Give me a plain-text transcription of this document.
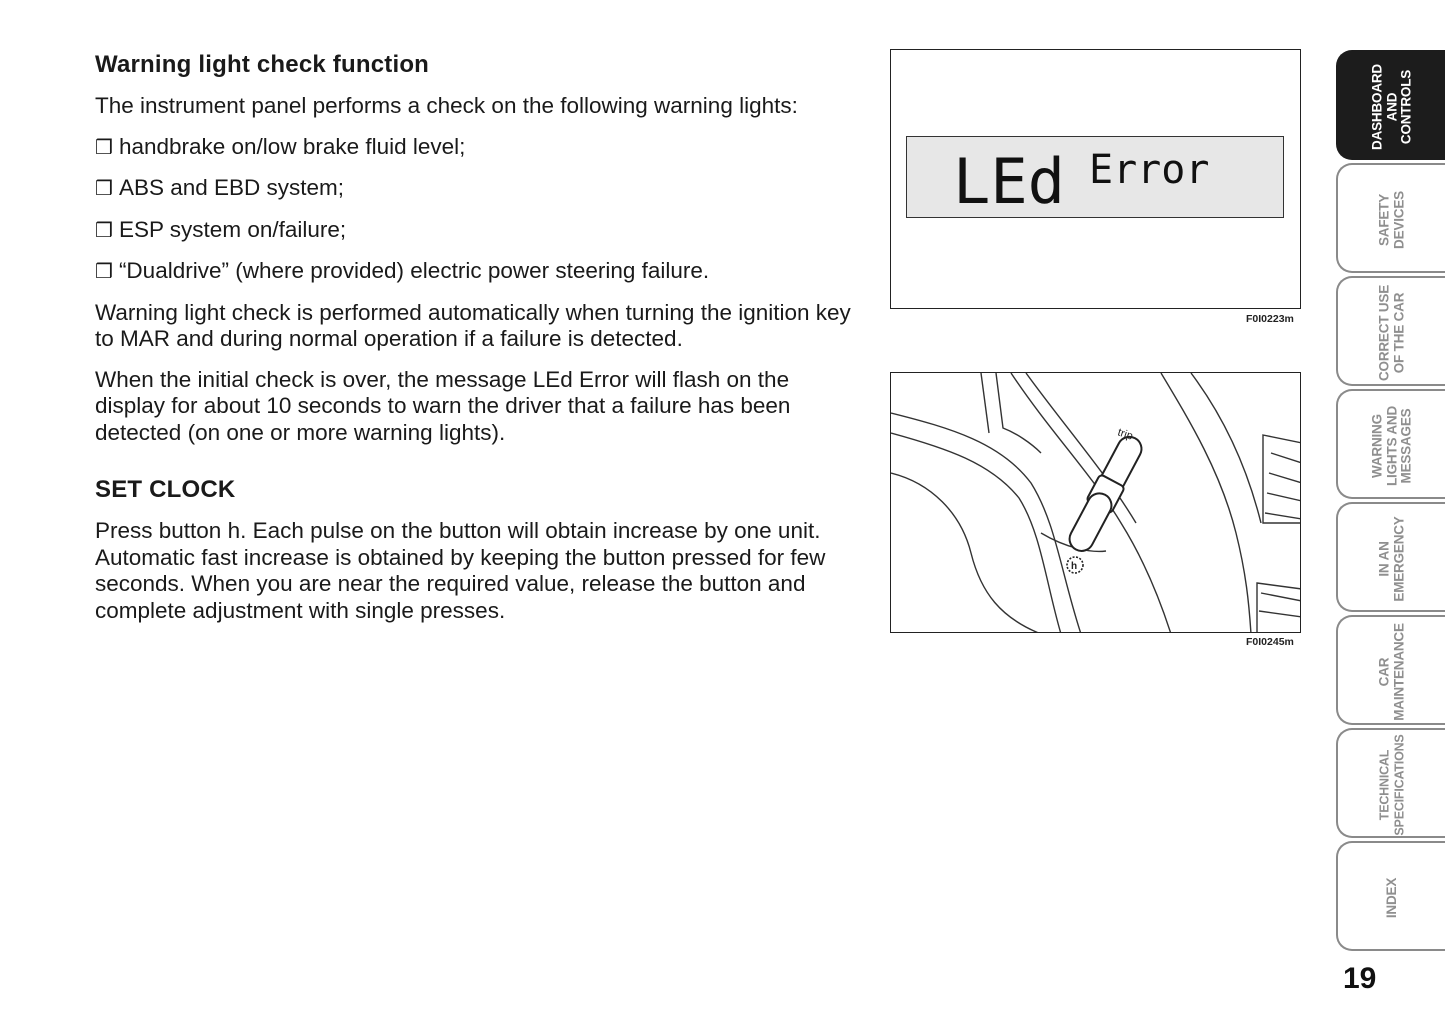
Warning light check function

The instrument panel performs a check on the following warning lights:

❒ handbrake on/low brake fluid level;

❒ ABS and EBD system;

❒ ESP system on/failure;

❒ “Dualdrive” (where provided) electric power steering failure.

Warning light check is performed automatically when turning the ignition key to MAR and during normal operation if a failure is detected.

When the initial check is over, the message LEd Error will flash on the display for about 10 seconds to warn the driver that a failure has been detected (on one or more warning lights).

SET CLOCK

Press button h. Each pulse on the button will obtain increase by one unit. Automatic fast increase is obtained by keeping the button pressed for few seconds. When you are near the required value, release the button and complete adjustment with single presses.

LEd Error
F0I0223m
trip
h
F0I0245m
DASHBOARD
AND
CONTROLS
SAFETY
DEVICES
CORRECT USE
OF THE CAR
WARNING
LIGHTS AND
MESSAGES
IN AN
EMERGENCY
CAR
MAINTENANCE
TECHNICAL
SPECIFICATIONS
INDEX
19
